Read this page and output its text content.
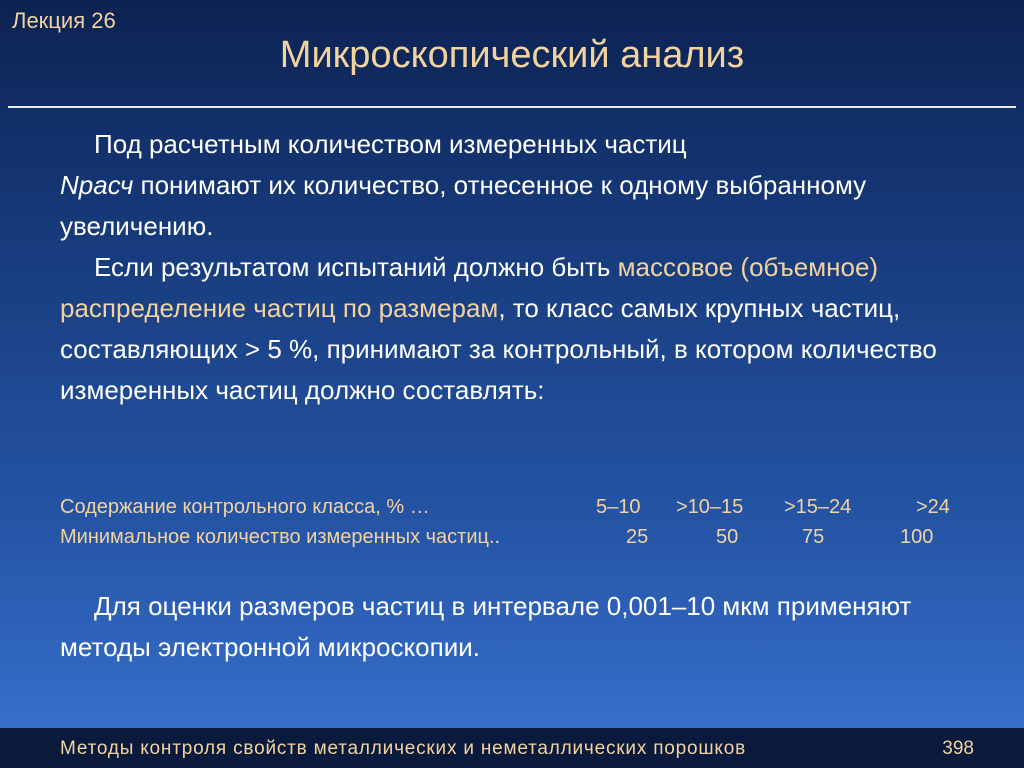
Лекция 26
Микроскопический анализ

Под расчетным количеством измеренных частиц
Nрасч понимают их количество, отнесенное к одному выбранному увеличению.

Если результатом испытаний должно быть массовое (объемное) распределение частиц по размерам, то класс самых крупных частиц, составляющих > 5 %, принимают за контрольный, в котором количество измеренных частиц должно составлять:

Содержание контрольного класса, % …	5–10 >10–15 >15–24	>24
Минимальное количество измеренных частиц..	25	50	75	100

Для оценки размеров частиц в интервале 0,001–10 мкм применяют методы электронной микроскопии.

Методы контроля свойств металлических и неметаллических порошков	398
